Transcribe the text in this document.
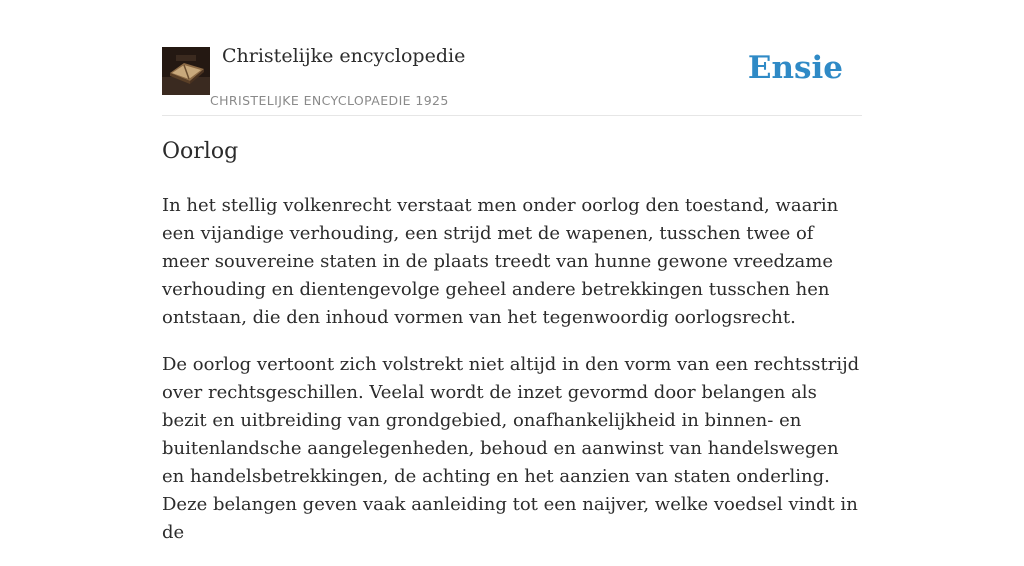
Christelijke encyclopedie
CHRISTELIJKE ENCYCLOPAEDIE 1925
Ensie
Oorlog

In het stellig volkenrecht verstaat men onder oorlog den toestand, waarin een vijandige verhouding, een strijd met de wapenen, tusschen twee of meer souvereine staten in de plaats treedt van hunne gewone vreedzame verhouding en dientengevolge geheel andere betrekkingen tusschen hen ontstaan, die den inhoud vormen van het tegenwoordig oorlogsrecht.

De oorlog vertoont zich volstrekt niet altijd in den vorm van een rechtsstrijd over rechtsgeschillen. Veelal wordt de inzet gevormd door belangen als bezit en uitbreiding van grondgebied, onafhankelijkheid in binnen- en buitenlandsche aangelegenheden, behoud en aanwinst van handelswegen en handelsbetrekkingen, de achting en het aanzien van staten onderling. Deze belangen geven vaak aanleiding tot een naijver, welke voedsel vindt in de
